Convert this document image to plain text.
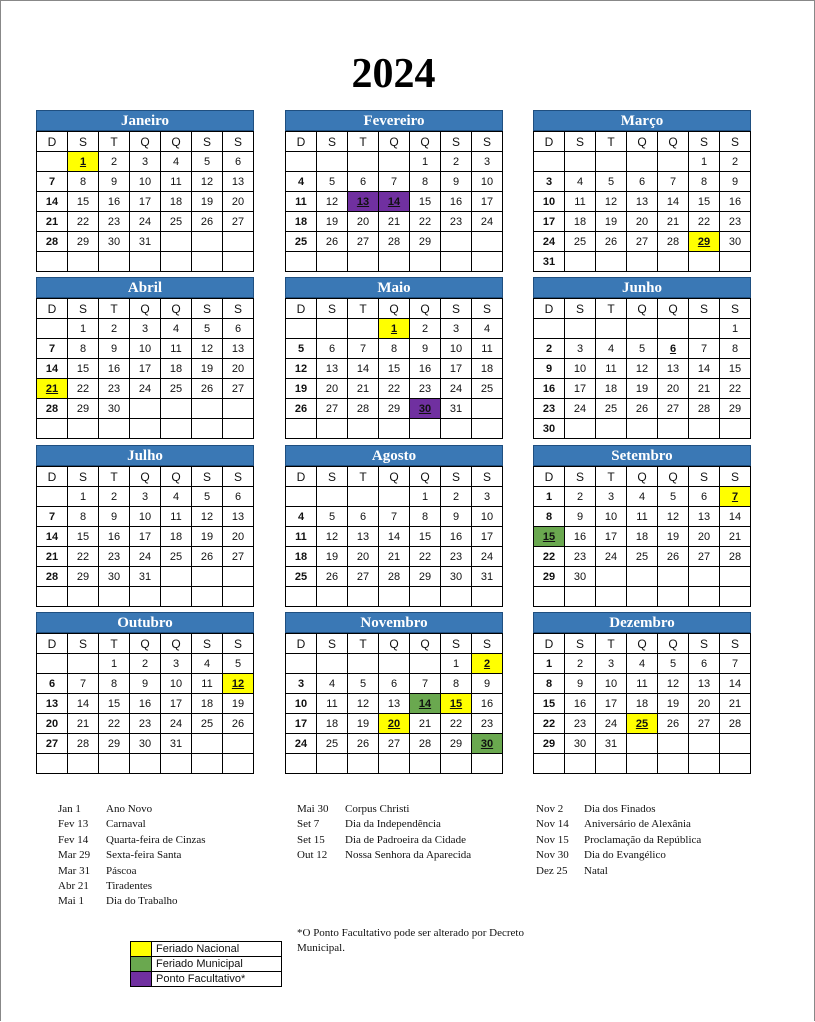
2024
Janeiro
D	S	T	Q	Q	S	S
	1	2	3	4	5	6
7	8	9	10	11	12	13
14	15	16	17	18	19	20
21	22	23	24	25	26	27
28	29	30	31			

Fevereiro
D	S	T	Q	Q	S	S
				1	2	3
4	5	6	7	8	9	10
11	12	13	14	15	16	17
18	19	20	21	22	23	24
25	26	27	28	29		

Março
D	S	T	Q	Q	S	S
					1	2
3	4	5	6	7	8	9
10	11	12	13	14	15	16
17	18	19	20	21	22	23
24	25	26	27	28	29	30
31						
Abril
D	S	T	Q	Q	S	S
	1	2	3	4	5	6
7	8	9	10	11	12	13
14	15	16	17	18	19	20
21	22	23	24	25	26	27
28	29	30				

Maio
D	S	T	Q	Q	S	S
			1	2	3	4
5	6	7	8	9	10	11
12	13	14	15	16	17	18
19	20	21	22	23	24	25
26	27	28	29	30	31	

Junho
D	S	T	Q	Q	S	S
						1
2	3	4	5	6	7	8
9	10	11	12	13	14	15
16	17	18	19	20	21	22
23	24	25	26	27	28	29
30						
Julho
D	S	T	Q	Q	S	S
	1	2	3	4	5	6
7	8	9	10	11	12	13
14	15	16	17	18	19	20
21	22	23	24	25	26	27
28	29	30	31			

Agosto
D	S	T	Q	Q	S	S
				1	2	3
4	5	6	7	8	9	10
11	12	13	14	15	16	17
18	19	20	21	22	23	24
25	26	27	28	29	30	31

Setembro
D	S	T	Q	Q	S	S
1	2	3	4	5	6	7
8	9	10	11	12	13	14
15	16	17	18	19	20	21
22	23	24	25	26	27	28
29	30					

Outubro
D	S	T	Q	Q	S	S
		1	2	3	4	5
6	7	8	9	10	11	12
13	14	15	16	17	18	19
20	21	22	23	24	25	26
27	28	29	30	31		

Novembro
D	S	T	Q	Q	S	S
					1	2
3	4	5	6	7	8	9
10	11	12	13	14	15	16
17	18	19	20	21	22	23
24	25	26	27	28	29	30

Dezembro
D	S	T	Q	Q	S	S
1	2	3	4	5	6	7
8	9	10	11	12	13	14
15	16	17	18	19	20	21
22	23	24	25	26	27	28
29	30	31				

Jan 1 Ano Novo
Fev 13 Carnaval
Fev 14 Quarta-feira de Cinzas
Mar 29 Sexta-feira Santa
Mar 31 Páscoa
Abr 21 Tiradentes
Mai 1 Dia do Trabalho
Mai 30 Corpus Christi
Set 7 Dia da Independência
Set 15 Dia de Padroeira da Cidade
Out 12 Nossa Senhora da Aparecida
Nov 2 Dia dos Finados
Nov 14 Aniversário de Alexânia
Nov 15 Proclamação da República
Nov 30 Dia do Evangélico
Dez 25 Natal
*O Ponto Facultativo pode ser alterado por Decreto Municipal.
	Feriado Nacional
	Feriado Municipal
	Ponto Facultativo*
